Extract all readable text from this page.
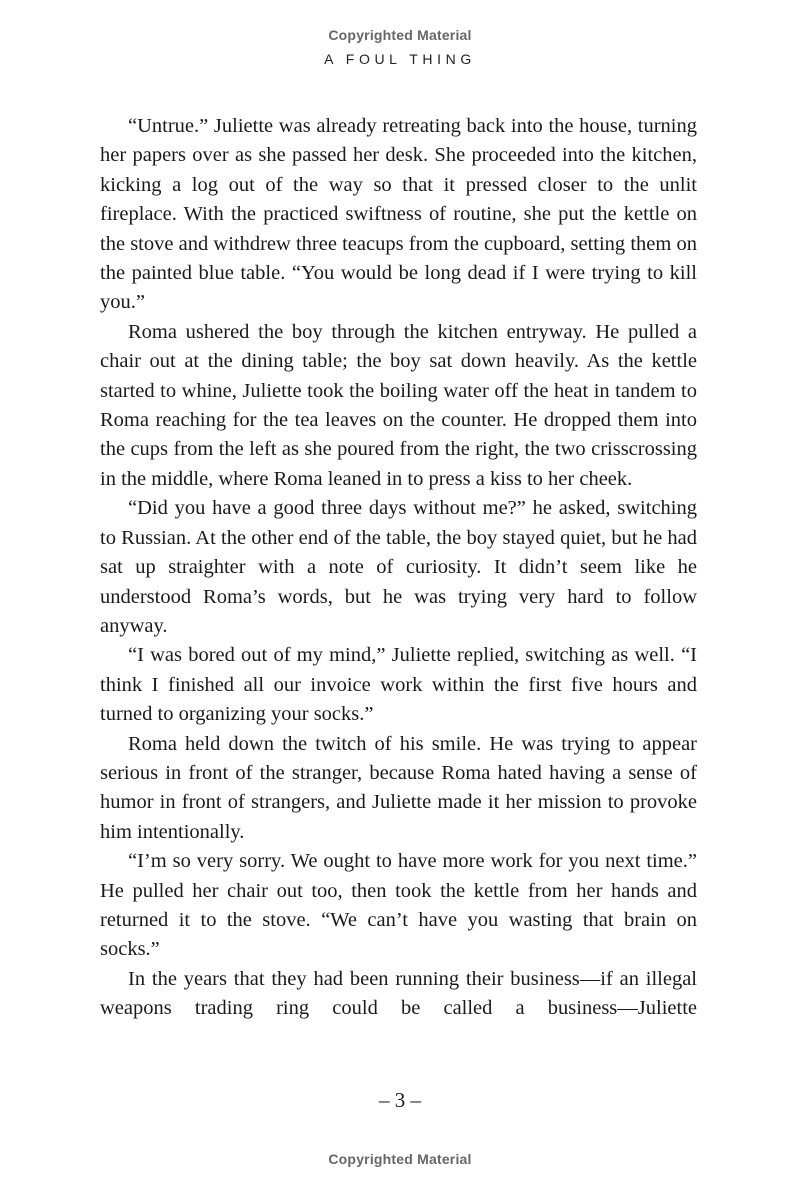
Copyrighted Material
A FOUL THING

“Untrue.” Juliette was already retreating back into the house, turning her papers over as she passed her desk. She proceeded into the kitchen, kicking a log out of the way so that it pressed closer to the unlit fireplace. With the practiced swiftness of routine, she put the kettle on the stove and withdrew three teacups from the cupboard, setting them on the painted blue table. “You would be long dead if I were trying to kill you.”

Roma ushered the boy through the kitchen entryway. He pulled a chair out at the dining table; the boy sat down heavily. As the kettle started to whine, Juliette took the boiling water off the heat in tandem to Roma reaching for the tea leaves on the counter. He dropped them into the cups from the left as she poured from the right, the two crisscrossing in the middle, where Roma leaned in to press a kiss to her cheek.

“Did you have a good three days without me?” he asked, switching to Russian. At the other end of the table, the boy stayed quiet, but he had sat up straighter with a note of curiosity. It didn’t seem like he understood Roma’s words, but he was trying very hard to follow anyway.

“I was bored out of my mind,” Juliette replied, switching as well. “I think I finished all our invoice work within the first five hours and turned to organizing your socks.”

Roma held down the twitch of his smile. He was trying to appear serious in front of the stranger, because Roma hated having a sense of humor in front of strangers, and Juliette made it her mission to provoke him intentionally.

“I’m so very sorry. We ought to have more work for you next time.” He pulled her chair out too, then took the kettle from her hands and returned it to the stove. “We can’t have you wasting that brain on socks.”

In the years that they had been running their business—if an illegal weapons trading ring could be called a business—Juliette

– 3 –
Copyrighted Material
